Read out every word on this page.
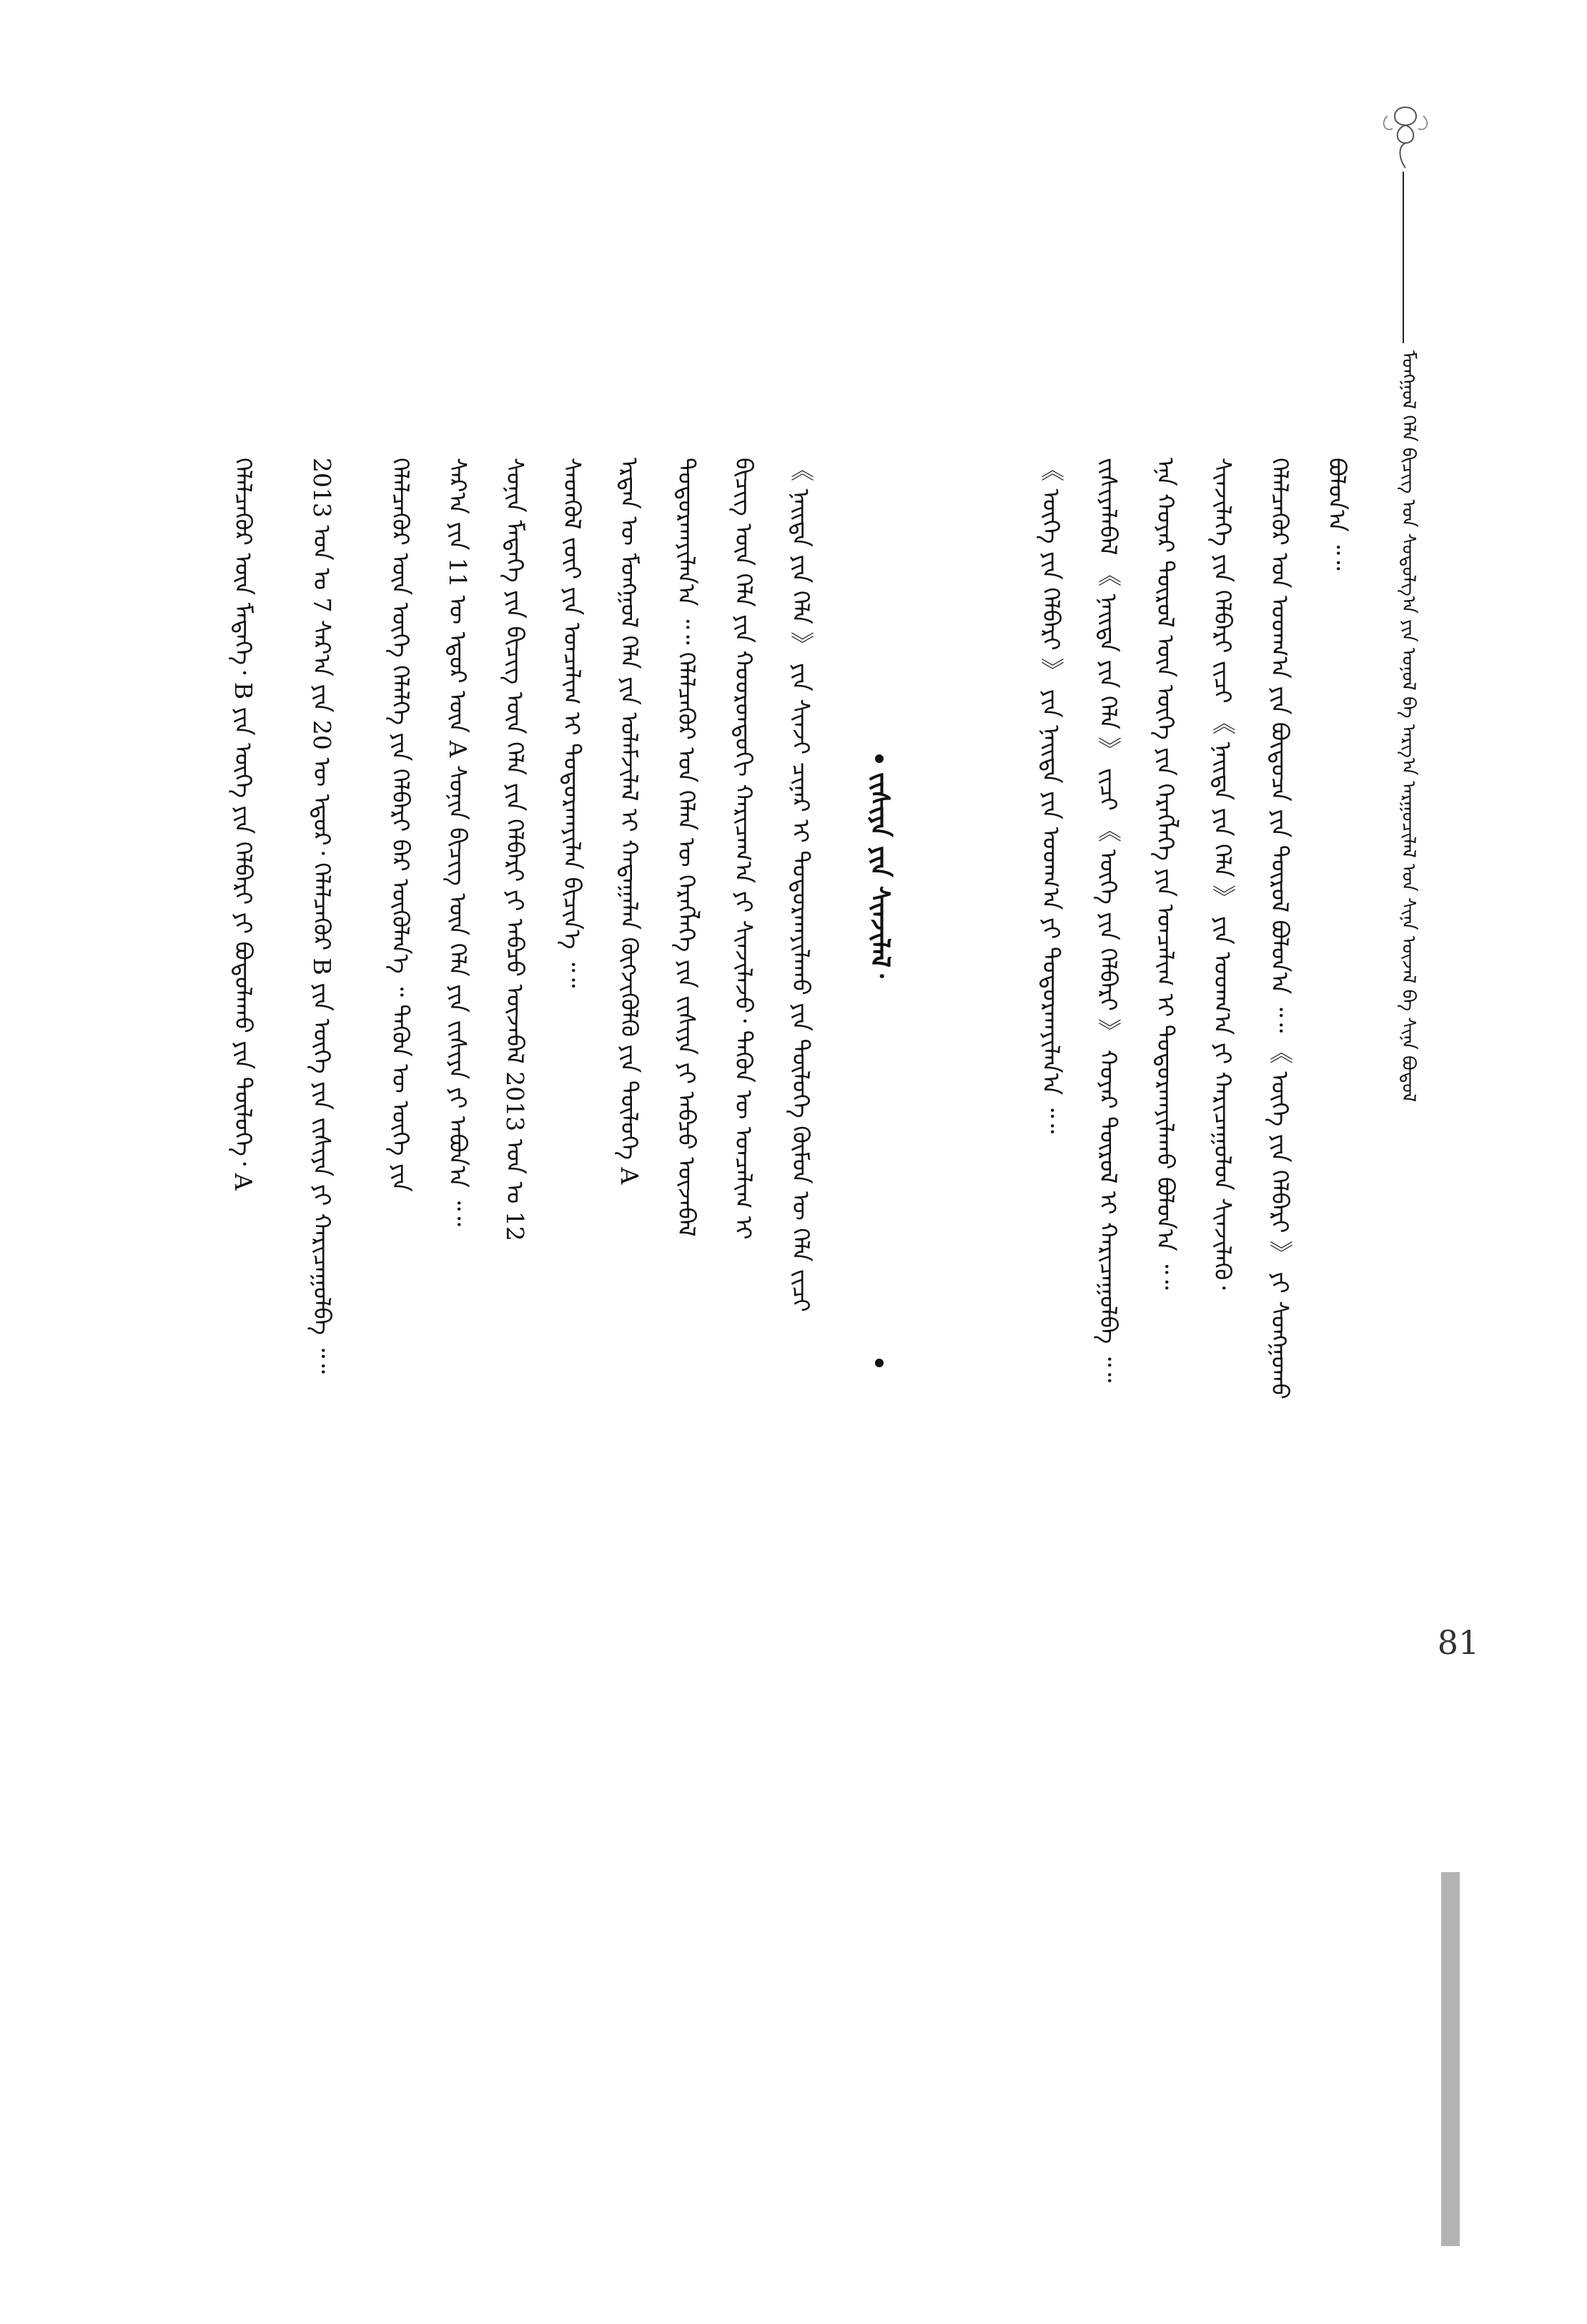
ᠮᠣᠩᠭᠣᠯ ᠬᠡᠯᠡ ᠪᠢᠴᠢᠭ ᠤᠨ ᠰᠤᠳᠤᠯᠭ᠎ᠠ ᠶᠢᠨ ᠣᠨᠤᠯ ᠪᠠ ᠠᠷᠭ᠎ᠠ ᠠᠷᠭᠤᠴᠢᠯᠠᠯ ᠤᠨ ᠰᠢᠨᠡ ᠦᠵᠡᠯ ᠪᠡ ᠰᠢᠨᠡ ᠪᠣᠳᠤᠯ
81
ᠪᠣᠯᠤᠨ᠎ᠠ ᠃᠃
ᠬᠡᠯᠡᠯᠴᠡᠭᠦᠷ ᠤᠨ ᠤᠳᠬ᠎ᠠ ᠶᠢᠨ ᠪᠦᠲᠦᠴᠡ ᠶᠢᠨ ᠲᠥᠷᠦᠯ ᠪᠣᠯᠤᠨ᠎ᠠ ᠃᠃ 《 ᠦᠭᠡ ᠶᠢᠨ ᠬᠡᠯᠪᠡᠷᠢ 》 ᠶᠢ ᠰᠣᠩᠭᠣᠬᠤ
ᠰᠢᠨᠵᠢᠯᠡᠭᠡ ᠶᠢᠨ ᠬᠡᠯᠪᠡᠷᠢ ᠵᠢᠴᠢ 《 ᠨᠡᠢᠲᠡ ᠶᠢᠨ ᠬᠡᠯᠡ 》 ᠶᠢᠨ ᠤᠳᠬ᠎ᠠ ᠶᠢ ᠬᠠᠷᠢᠴᠠᠭᠤᠯᠤᠨ ᠰᠢᠨᠵᠢᠯᠡᠬᠦ᠂
ᠡᠨᠡ ᠬᠣᠶᠠᠷ ᠲᠥᠷᠦᠯ ᠦᠨ ᠦᠭᠡ ᠶᠢᠨ ᠬᠡᠷᠡᠭᠯᠡᠭᠡ ᠶᠢᠨ ᠣᠨᠴᠠᠯᠢᠭ ᠢ ᠲᠣᠳᠤᠷᠬᠠᠶᠢᠯᠠᠬᠤ ᠪᠣᠯᠤᠨ᠎ᠠ ᠃᠃
ᠵᠢᠱᠢᠶᠡᠯᠡᠪᠡᠯ 《 ᠨᠡᠢᠲᠡ ᠶᠢᠨ ᠬᠡᠯᠡ 》 ᠵᠢᠴᠢ 《 ᠦᠭᠡ ᠶᠢᠨ ᠬᠡᠯᠪᠡᠷᠢ 》 ᠬᠣᠶᠠᠷ ᠲᠥᠷᠦᠯ ᠢ ᠬᠠᠷᠢᠴᠠᠭᠤᠯᠪᠠ ᠃᠃
《 ᠦᠭᠡ ᠶᠢᠨ ᠬᠡᠯᠪᠡᠷᠢ 》 ᠶᠢᠨ ᠨᠡᠢᠲᠡ ᠶᠢᠨ ᠤᠳᠬ᠎ᠠ ᠶᠢ ᠲᠣᠳᠤᠷᠬᠠᠶᠢᠯᠠᠨ᠎ᠠ ᠃᠃
ᠵᠢᠱᠢᠶᠡ ᠶᠢᠨ ᠰᠢᠨᠵᠢᠯᠡᠯ᠂
《 ᠨᠡᠢᠲᠡ ᠶᠢᠨ ᠬᠡᠯᠡ 》 ᠶᠢᠨ ᠰᠢᠨᠵᠢ ᠴᠢᠨᠠᠷ ᠢ ᠲᠣᠳᠤᠷᠬᠠᠶᠢᠯᠠᠬᠤ ᠶᠢᠨ ᠲᠥᠯᠥᠭᠡ ᠬᠦᠮᠦᠨ ᠦ ᠬᠡᠯᠡ ᠵᠢᠴᠢ
ᠪᠢᠴᠢᠭ ᠦᠨ ᠬᠡᠯᠡ ᠶᠢᠨ ᠬᠣᠣᠷᠣᠨᠳᠣᠬᠢ ᠬᠠᠷᠢᠴᠠᠭ᠎ᠠ ᠶᠢ ᠰᠢᠨᠵᠢᠯᠡᠵᠦ᠂ ᠲᠡᠭᠦᠨ ᠦ ᠣᠨᠴᠠᠯᠢᠭ ᠢ
ᠲᠣᠳᠤᠷᠬᠠᠶᠢᠯᠠᠨ᠎ᠠ ᠃᠃ ᠬᠡᠯᠡᠯᠴᠡᠭᠦᠷ ᠤᠨ ᠬᠡᠯᠡᠨ ᠦ ᠬᠡᠷᠡᠭᠯᠡᠭᠡ ᠶᠢᠨ ᠵᠢᠱᠢᠶᠡ ᠶᠢ ᠠᠪᠴᠤ ᠦᠵᠡᠪᠡᠯ
ᠡᠷᠲᠡᠨ ᠦ ᠮᠣᠩᠭᠣᠯ ᠬᠡᠯᠡ ᠶᠢᠨ ᠤᠯᠠᠮᠵᠢᠯᠠᠯ ᠢ ᠬᠠᠳᠠᠭᠠᠯᠠᠨ ᠬᠥᠭᠵᠢᠭᠦᠯᠬᠦ ᠶᠢᠨ ᠲᠥᠯᠥᠭᠡ A
ᠰᠡᠳᠬᠦᠯ ᠵᠦᠢ ᠶᠢᠨ ᠣᠨᠴᠠᠯᠢᠭ ᠢ ᠲᠣᠳᠤᠷᠬᠠᠶᠢᠯᠠᠨ ᠪᠢᠴᠢᠨ᠎ᠡ ᠃᠃
ᠰᠣᠨᠢᠨ ᠮᠡᠳᠡᠭᠡ ᠶᠢᠨ ᠪᠢᠴᠢᠭ ᠦᠨ ᠬᠡᠯᠡ ᠶᠢᠨ ᠬᠡᠯᠪᠡᠷᠢ ᠶᠢ ᠠᠪᠴᠤ ᠦᠵᠡᠪᠡᠯ 2013 ᠣᠨ ᠤ 12
ᠰᠠᠷ᠎ᠠ ᠶᠢᠨ 11 ᠦ ᠡᠳᠦᠷ ᠦᠨ A ᠰᠣᠨᠢᠨ ᠪᠢᠴᠢᠭ ᠦᠨ ᠬᠡᠯᠡ ᠶᠢᠨ ᠵᠢᠱᠢᠶᠡ ᠶᠢ ᠠᠪᠤᠨ᠎ᠠ ᠃᠃
ᠬᠡᠯᠡᠯᠴᠡᠭᠦᠷ ᠦᠨ ᠦᠭᠡ ᠬᠡᠯᠡᠯᠭᠡ ᠶᠢᠨ ᠬᠡᠯᠪᠡᠷᠢ ᠪᠡᠷ ᠦᠭᠦᠯᠡᠨ᠎ᠡ ᠃ ᠲᠡᠭᠦᠨ ᠦ ᠦᠭᠡ ᠶᠢᠨ
2013 ᠣᠨ ᠤ 7 ᠰᠠᠷ᠎ᠠ ᠶᠢᠨ 20 ᠦ ᠡᠳᠦᠷ᠂ ᠬᠡᠯᠡᠯᠴᠡᠭᠦᠷ B ᠶᠢᠨ ᠦᠭᠡ ᠶᠢᠨ ᠵᠢᠱᠢᠶᠡ ᠶᠢ ᠬᠠᠷᠢᠴᠠᠭᠤᠯᠪᠠ ᠃᠃
ᠬᠡᠯᠡᠯᠴᠡᠭᠦᠷ ᠦᠨ ᠮᠡᠳᠡᠭᠡ᠂ B ᠶᠢᠨ ᠦᠭᠡ ᠶᠢᠨ ᠬᠡᠯᠪᠡᠷᠢ ᠶᠢ ᠪᠣᠳᠤᠯᠠᠬᠤ ᠶᠢᠨ ᠲᠥᠯᠥᠭᠡ᠂ A
